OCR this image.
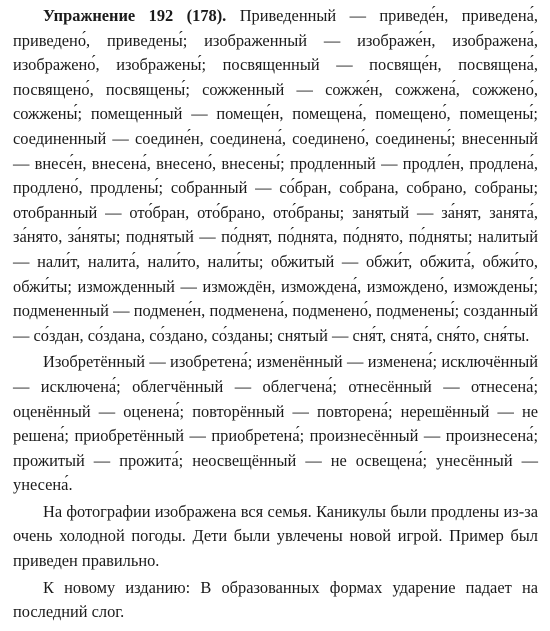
Упражнение 192 (178). Приведенный — приведе́н, приведена́, приведено́, приведены́; изображенный — изображе́н, изображена́, изображено́, изображены́; посвященный — посвяще́н, посвящена́, посвящено́, посвящены́; сожженный — сожже́н, сожжена́, сожжено́, сожжены́; помещенный — помеще́н, помещена́, помещено́, помещены́; соединенный — соедине́н, соединена́, соединено́, соединены́; внесенный — внесе́н, внесена́, внесено́, внесены́; продленный — продле́н, продлена́, продлено́, продлены́; собранный — со́бран, собрана, собрано, собраны; отобранный — ото́бран, ото́брано, ото́браны; занятый — за́нят, занята́, за́нято, за́няты; поднятый — по́днят, по́днята, по́днято, по́дняты; налитый — нали́т, налита́, нали́то, нали́ты; обжитый — обжи́т, обжита́, обжи́то, обжи́ты; изможденный — измождён, измождена́, измождено́, измождены́; подмененный — подмене́н, подменена́, подменено́, подменены́; созданный — со́здан, со́здана, со́здано, со́зданы; снятый — сня́т, снята́, сня́то, сня́ты.

Изобретённый — изобретена́; изменённый — изменена́; исключённый — исключена́; облегчённый — облегчена́; отнесённый — отнесена́; оценённый — оценена́; повторённый — повторена́; нерешённый — не решена́; приобретённый — приобретена́; произнесённый — произнесена́; прожитый — прожита́; неосвещённый — не освещена́; унесённый — унесена́.

На фотографии изображена вся семья. Каникулы были продлены из-за очень холодной погоды. Дети были увлечены новой игрой. Пример был приведен правильно.

К новому изданию: В образованных формах ударение падает на последний слог.
